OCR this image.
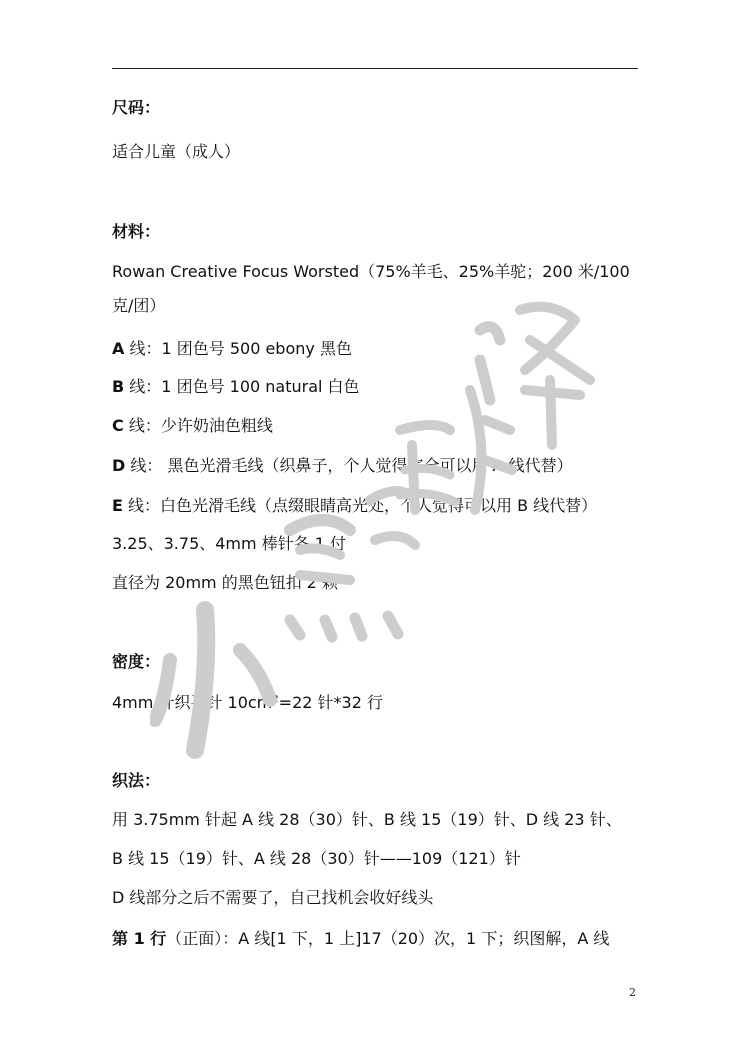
尺码：
适合儿童（成人）
材料：
Rowan Creative Focus Worsted（75%羊毛、25%羊驼；200 米/100
克/团）
A 线：1 团色号 500 ebony 黑色
B 线：1 团色号 100 natural 白色
C 线：少许奶油色粗线
D 线： 黑色光滑毛线（织鼻子，个人觉得完全可以用 A 线代替）
E 线：白色光滑毛线（点缀眼睛高光处，个人觉得可以用 B 线代替）
3.25、3.75、4mm 棒针各 1 付
直径为 20mm 的黑色钮扣 2 颗
密度：
4mm 针织平针 $10cm^2=22$ 针*32 行
织法：
用 3.75mm 针起 A 线 28（30）针、B 线 15（19）针、D 线 23 针、
B 线 15（19）针、A 线 28（30）针——109（121）针
D 线部分之后不需要了，自己找机会收好线头
第 1 行（正面）：A 线[1 下，1 上]17（20）次，1 下；织图解，A 线
2
